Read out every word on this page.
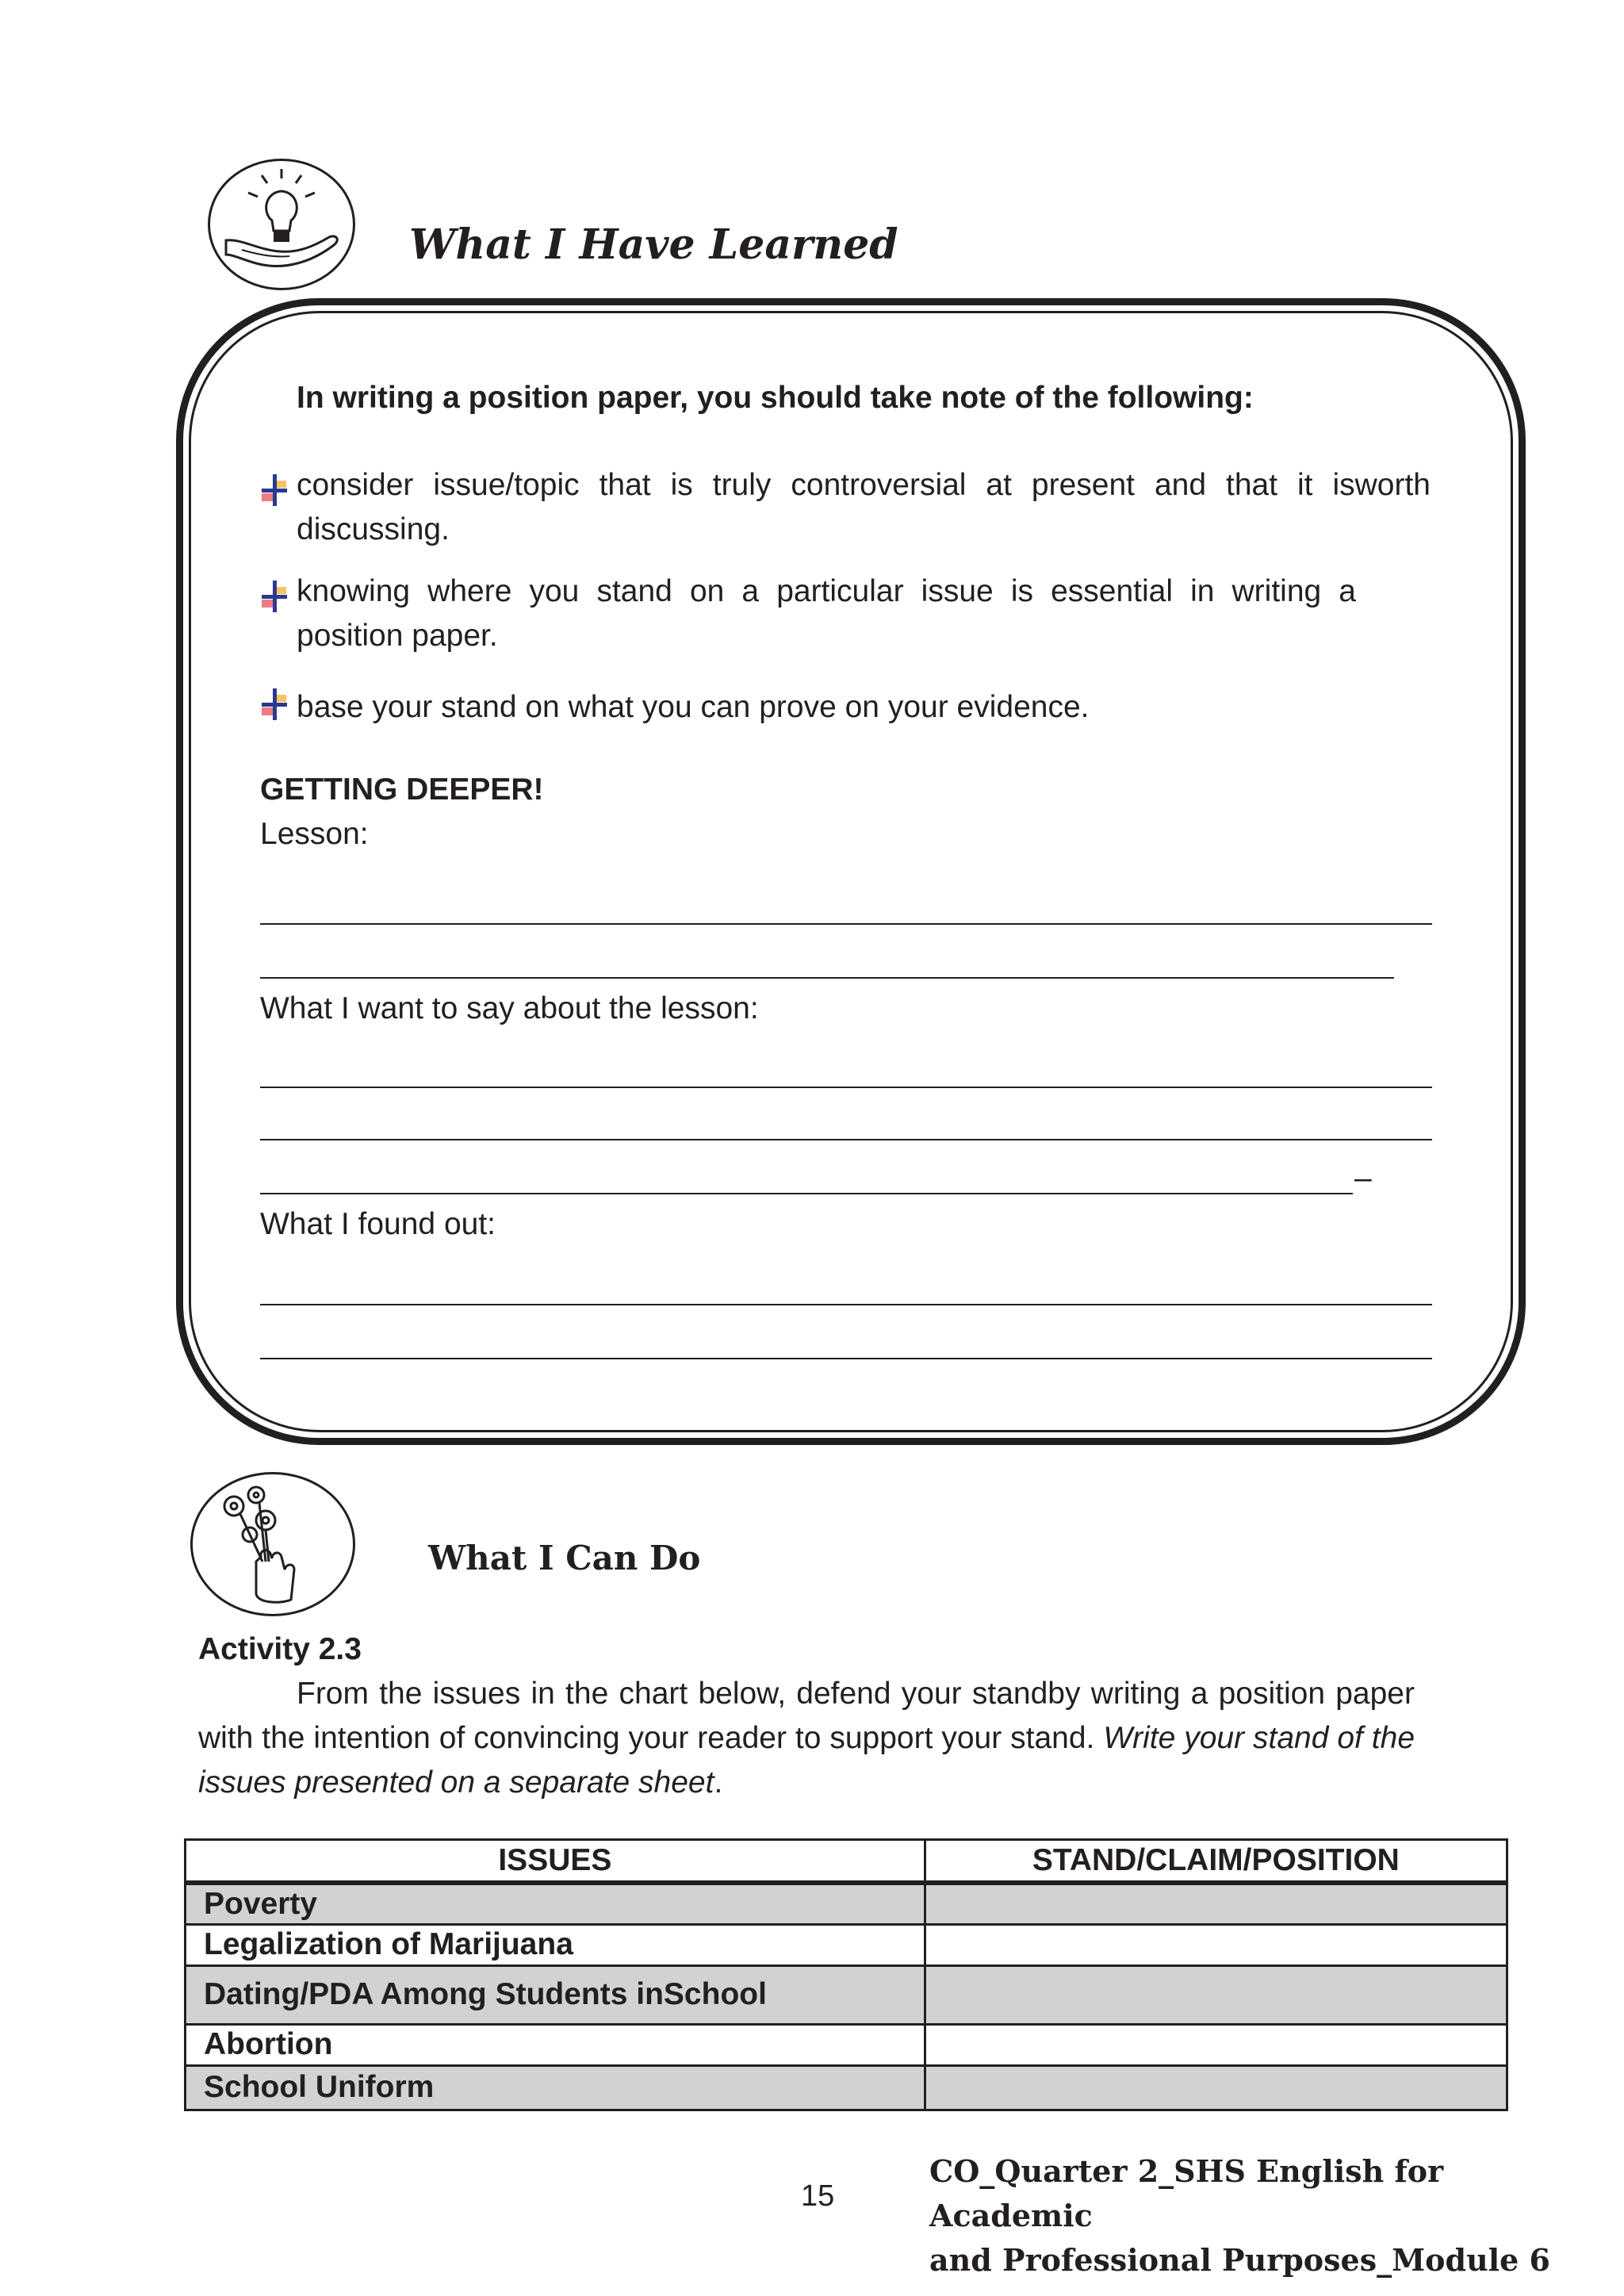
What I Have Learned
In writing a position paper, you should take note of the following:
consider issue/topic that is truly controversial at present and that it isworth discussing.
knowing where you stand on a particular issue is essential in writing a position paper.
base your stand on what you can prove on your evidence.
GETTING DEEPER!
Lesson:
What I want to say about the lesson:
–
What I found out:
What I Can Do
Activity 2.3
From the issues in the chart below, defend your standby writing a position paper with the intention of convincing your reader to support your stand. Write your stand of the issues presented on a separate sheet.
ISSUES	STAND/CLAIM/POSITION
Poverty	
Legalization of Marijuana	
Dating/PDA Among Students inSchool	
Abortion	
School Uniform	
15
CO_Quarter 2_SHS English for Academic
and Professional Purposes_Module 6
